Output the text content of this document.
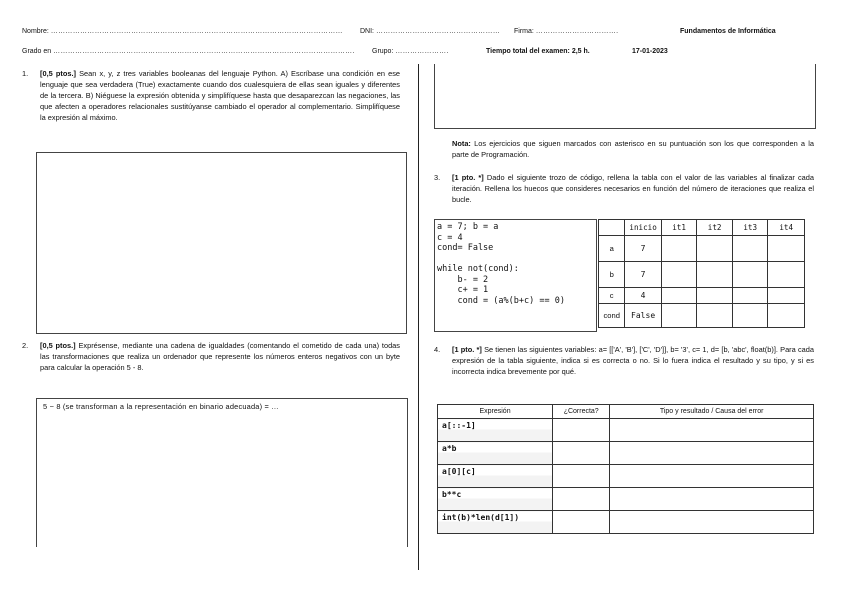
Nombre: ………………………………………………………………………………………………………… DNI: …………………………………………… Firma: …………………………….	Fundamentos de Informática
Grado en ……………………………………………………………………………………………………………. Grupo: ………………….	Tiempo total del examen: 2,5 h.	17-01-2023
1.	[0,5 ptos.] Sean x, y, z tres variables booleanas del lenguaje Python. A) Escríbase una condición en ese lenguaje que sea verdadera (True) exactamente cuando dos cualesquiera de ellas sean iguales y diferentes de la tercera. B) Niéguese la expresión obtenida y simplifíquese hasta que desaparezcan las negaciones, las que afecten a operadores relacionales sustitúyanse cambiado el operador al complementario. Simplifíquese la expresión al máximo.
2.	[0,5 ptos.] Exprésense, mediante una cadena de igualdades (comentando el cometido de cada una) todas las transformaciones que realiza un ordenador que represente los números enteros negativos con un byte para calcular la operación 5 - 8.
5 − 8 (se transforman a la representación en binario adecuada) = …
Nota: Los ejercicios que siguen marcados con asterisco en su puntuación son los que corresponden a la parte de Programación.
3.	[1 pto. *] Dado el siguiente trozo de código, rellena la tabla con el valor de las variables al finalizar cada iteración. Rellena los huecos que consideres necesarios en función del número de iteraciones que realiza el bucle.
a = 7; b = a
c = 4
cond= False
while not(cond):
b- = 2
c+ = 1
cond = (a%(b+c) == 0)
	inicio	it1	it2	it3	it4
a	7				
b	7				
c	4				
cond	False				
4.	[1 pto. *] Se tienen las siguientes variables: a= [['A', 'B'], ['C', 'D']], b= '3', c= 1, d= [b, 'abc', float(b)]. Para cada expresión de la tabla siguiente, indica si es correcta o no. Si lo fuera indica el resultado y su tipo, y si es incorrecta indica brevemente por qué.
Expresión	¿Correcta?	Tipo y resultado / Causa del error
a[::-1]		
a*b		
a[0][c]		
b**c		
int(b)*len(d[1])		
